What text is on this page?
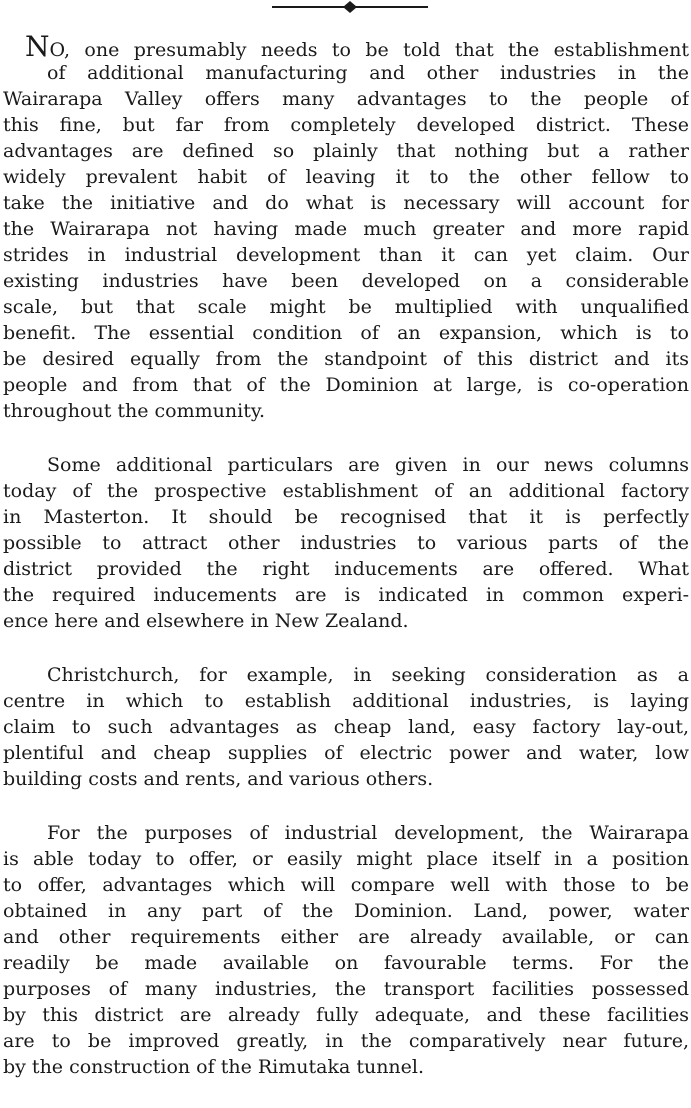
NO, one presumably needs to be told that the establishment
of additional manufacturing and other industries in the
Wairarapa Valley offers many advantages to the people of
this fine, but far from completely developed district. These
advantages are defined so plainly that nothing but a rather
widely prevalent habit of leaving it to the other fellow to
take the initiative and do what is necessary will account for
the Wairarapa not having made much greater and more rapid
strides in industrial development than it can yet claim. Our
existing industries have been developed on a considerable
scale, but that scale might be multiplied with unqualified
benefit. The essential condition of an expansion, which is to
be desired equally from the standpoint of this district and its
people and from that of the Dominion at large, is co-operation
throughout the community.
Some additional particulars are given in our news columns
today of the prospective establishment of an additional factory
in Masterton. It should be recognised that it is perfectly
possible to attract other industries to various parts of the
district provided the right inducements are offered. What
the required inducements are is indicated in common experi-
ence here and elsewhere in New Zealand.
Christchurch, for example, in seeking consideration as a
centre in which to establish additional industries, is laying
claim to such advantages as cheap land, easy factory lay-out,
plentiful and cheap supplies of electric power and water, low
building costs and rents, and various others.
For the purposes of industrial development, the Wairarapa
is able today to offer, or easily might place itself in a position
to offer, advantages which will compare well with those to be
obtained in any part of the Dominion. Land, power, water
and other requirements either are already available, or can
readily be made available on favourable terms. For the
purposes of many industries, the transport facilities possessed
by this district are already fully adequate, and these facilities
are to be improved greatly, in the comparatively near future,
by the construction of the Rimutaka tunnel.
